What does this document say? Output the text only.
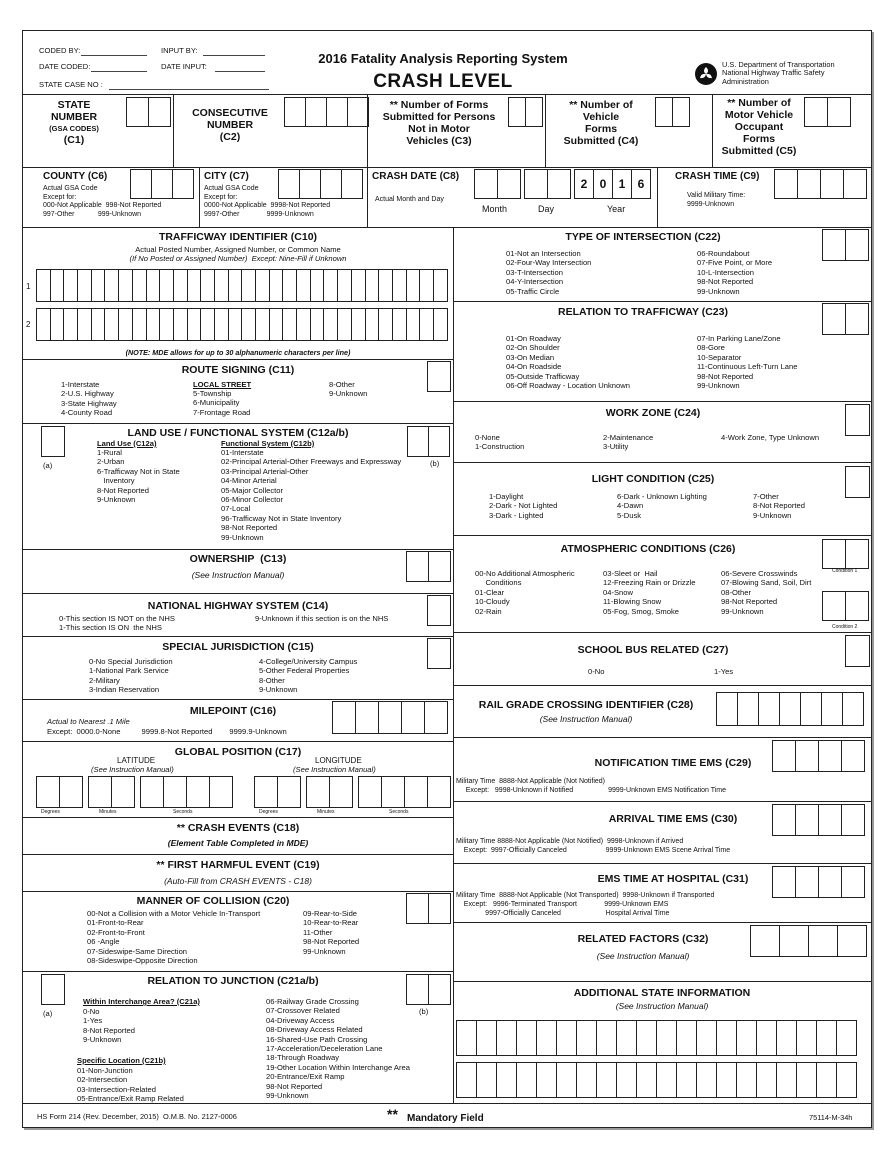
CODED BY:
DATE CODED:
STATE CASE NO :
INPUT BY:
DATE INPUT:
2016 Fatality Analysis Reporting System
CRASH LEVEL
U.S. Department of Transportation
National Highway Traffic Safety
Administration
STATE
NUMBER
(GSA CODES)
(C1)
CONSECUTIVE
NUMBER
(C2)
** Number of Forms
Submitted for Persons
Not in Motor
Vehicles (C3)
** Number of
Vehicle
Forms
Submitted (C4)
** Number of
Motor Vehicle
Occupant
Forms
Submitted (C5)
COUNTY (C6)
Actual GSA Code
Except for:
000-Not Applicable  998-Not Reported
997-Other            999-Unknown
CITY (C7)
Actual GSA Code
Except for:
0000-Not Applicable  9998-Not Reported
9997-Other              9999-Unknown
CRASH DATE (C8)
Actual Month and Day
2	0	1	6
Month	Day	Year
CRASH TIME (C9)
Valid Military Time:
9999-Unknown
TRAFFICWAY IDENTIFIER (C10)
Actual Posted Number, Assigned Number, or Common Name
(If No Posted or Assigned Number)  Except: Nine-Fill if Unknown
1
2
(NOTE: MDE allows for up to 30 alphanumeric characters per line)
ROUTE SIGNING (C11)
1-Interstate
2-U.S. Highway
3-State Highway
4-County Road
LOCAL STREET
5-Township
6-Municipality
7-Frontage Road
8-Other
9-Unknown
LAND USE / FUNCTIONAL SYSTEM (C12a/b)
(a)	(b)
Land Use (C12a)
1-Rural
2-Urban
6-Trafficway Not in State
Inventory
8-Not Reported
9-Unknown
Functional System (C12b)
01-Interstate
02-Principal Arterial-Other Freeways and Expressway
03-Principal Arterial-Other
04-Minor Arterial
05-Major Collector
06-Minor Collector
07-Local
96-Trafficway Not in State Inventory
98-Not Reported
99-Unknown
OWNERSHIP  (C13)
(See Instruction Manual)
NATIONAL HIGHWAY SYSTEM (C14)
0-This section IS NOT on the NHS
1-This section IS ON  the NHS
9-Unknown if this section is on the NHS
SPECIAL JURISDICTION (C15)
0-No Special Jurisdiction
1-National Park Service
2-Military
3-Indian Reservation
4-College/University Campus
5-Other Federal Properties
8-Other
9-Unknown
MILEPOINT (C16)
Actual to Nearest .1 Mile
Except:  0000.0-None          9999.8-Not Reported        9999.9-Unknown
GLOBAL POSITION (C17)
LATITUDE	LONGITUDE
(See Instruction Manual)	(See Instruction Manual)
Degrees	Minutes	Seconds	Degrees	Minutes	Seconds
** CRASH EVENTS (C18)
(Element Table Completed in MDE)
** FIRST HARMFUL EVENT (C19)
(Auto-Fill from CRASH EVENTS - C18)
MANNER OF COLLISION (C20)
00-Not a Collision with a Motor Vehicle In-Transport
01-Front-to-Rear
02-Front-to-Front
06 -Angle
07-Sideswipe-Same Direction
08-Sideswipe-Opposite Direction
09-Rear-to-Side
10-Rear-to-Rear
11-Other
98-Not Reported
99-Unknown
RELATION TO JUNCTION (C21a/b)
(a)	(b)
Within Interchange Area? (C21a)
0-No
1-Yes
8-Not Reported
9-Unknown
Specific Location (C21b)
01-Non-Junction
02-Intersection
03-Intersection-Related
05-Entrance/Exit Ramp Related
06-Railway Grade Crossing
07-Crossover Related
04-Driveway Access
08-Driveway Access Related
16-Shared-Use Path Crossing
17-Acceleration/Deceleration Lane
18-Through Roadway
19-Other Location Within Interchange Area
20-Entrance/Exit Ramp
98-Not Reported
99-Unknown
TYPE OF INTERSECTION (C22)
01-Not an Intersection
02-Four-Way Intersection
03-T-Intersection
04-Y-Intersection
05-Traffic Circle
06-Roundabout
07-Five Point, or More
10-L-Intersection
98-Not Reported
99-Unknown
RELATION TO TRAFFICWAY (C23)
01-On Roadway
02-On Shoulder
03-On Median
04-On Roadside
05-Outside Trafficway
06-Off Roadway - Location Unknown
07-In Parking Lane/Zone
08-Gore
10-Separator
11-Continuous Left-Turn Lane
98-Not Reported
99-Unknown
WORK ZONE (C24)
0-None
1-Construction
2-Maintenance
3-Utility
4-Work Zone, Type Unknown
LIGHT CONDITION (C25)
1-Daylight
2-Dark - Not Lighted
3-Dark - Lighted
6-Dark - Unknown Lighting
4-Dawn
5-Dusk
7-Other
8-Not Reported
9-Unknown
ATMOSPHERIC CONDITIONS (C26)
00-No Additional Atmospheric
Conditions
01-Clear
10-Cloudy
02-Rain
03-Sleet or  Hail
12-Freezing Rain or Drizzle
04-Snow
11-Blowing Snow
05-Fog, Smog, Smoke
06-Severe Crosswinds
07-Blowing Sand, Soil, Dirt
08-Other
98-Not Reported
99-Unknown
Condition 1
Condition 2
SCHOOL BUS RELATED (C27)
0-No	1-Yes
RAIL GRADE CROSSING IDENTIFIER (C28)
(See Instruction Manual)
NOTIFICATION TIME EMS (C29)
Military Time  8888-Not Applicable (Not Notified)
Except:   9998-Unknown if Notified                  9999-Unknown EMS Notification Time
ARRIVAL TIME EMS (C30)
Military Time 8888-Not Applicable (Not Notified)  9998-Unknown if Arrived
Except:  9997-Officially Canceled                    9999-Unknown EMS Scene Arrival Time
EMS TIME AT HOSPITAL (C31)
Military Time  8888-Not Applicable (Not Transported)  9998-Unknown if Transported
Except:   9996-Terminated Transport              9999-Unknown EMS
9997-Officially Canceled                       Hospital Arrival Time
RELATED FACTORS (C32)
(See Instruction Manual)
ADDITIONAL STATE INFORMATION
(See Instruction Manual)
HS Form 214 (Rev. December, 2015)  O.M.B. No. 2127-0006	** Mandatory Field	75114-M-34h
